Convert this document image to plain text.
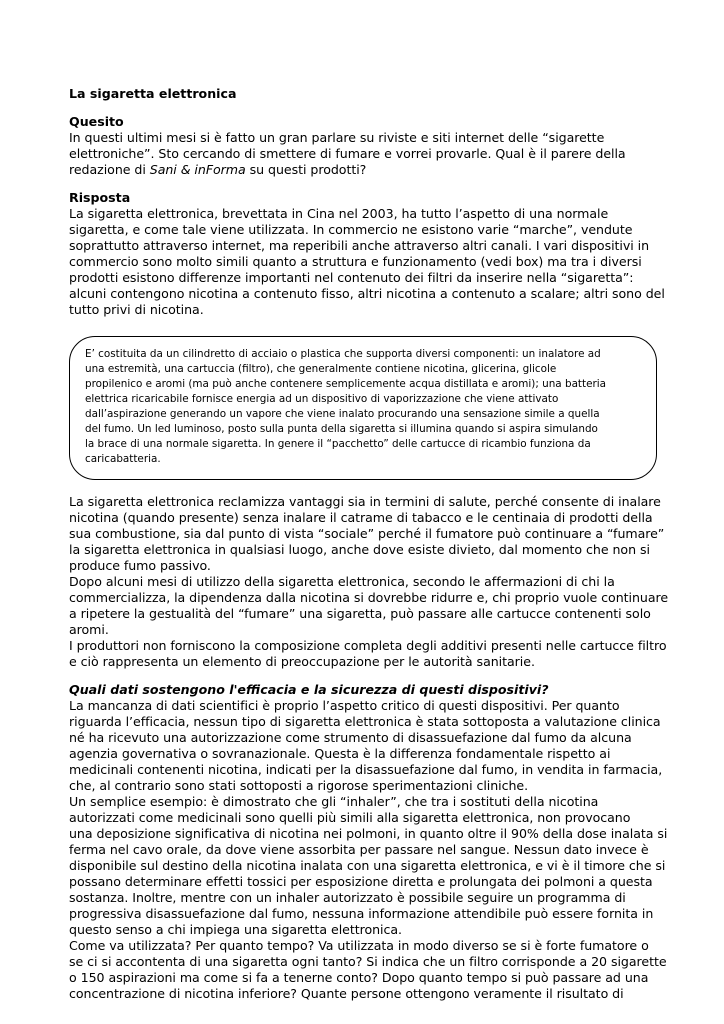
La sigaretta elettronica

Quesito

In questi ultimi mesi si è fatto un gran parlare su riviste e siti internet delle “sigarette
elettroniche”. Sto cercando di smettere di fumare e vorrei provarle. Qual è il parere della
redazione di Sani & inForma su questi prodotti?

Risposta

La sigaretta elettronica, brevettata in Cina nel 2003, ha tutto l’aspetto di una normale
sigaretta, e come tale viene utilizzata. In commercio ne esistono varie “marche”, vendute
soprattutto attraverso internet, ma reperibili anche attraverso altri canali. I vari dispositivi in
commercio sono molto simili quanto a struttura e funzionamento (vedi box) ma tra i diversi
prodotti esistono differenze importanti nel contenuto dei filtri da inserire nella “sigaretta”:
alcuni contengono nicotina a contenuto fisso, altri nicotina a contenuto a scalare; altri sono del
tutto privi di nicotina.

E’ costituita da un cilindretto di acciaio o plastica che supporta diversi componenti: un inalatore ad
una estremità, una cartuccia (filtro), che generalmente contiene nicotina, glicerina, glicole
propilenico e aromi (ma può anche contenere semplicemente acqua distillata e aromi); una batteria
elettrica ricaricabile fornisce energia ad un dispositivo di vaporizzazione che viene attivato
dall’aspirazione generando un vapore che viene inalato procurando una sensazione simile a quella
del fumo. Un led luminoso, posto sulla punta della sigaretta si illumina quando si aspira simulando
la brace di una normale sigaretta. In genere il “pacchetto” delle cartucce di ricambio funziona da
caricabatteria.

La sigaretta elettronica reclamizza vantaggi sia in termini di salute, perché consente di inalare
nicotina (quando presente) senza inalare il catrame di tabacco e le centinaia di prodotti della
sua combustione, sia dal punto di vista “sociale” perché il fumatore può continuare a “fumare”
la sigaretta elettronica in qualsiasi luogo, anche dove esiste divieto, dal momento che non si
produce fumo passivo.
Dopo alcuni mesi di utilizzo della sigaretta elettronica, secondo le affermazioni di chi la
commercializza, la dipendenza dalla nicotina si dovrebbe ridurre e, chi proprio vuole continuare
a ripetere la gestualità del “fumare” una sigaretta, può passare alle cartucce contenenti solo
aromi.
I produttori non forniscono la composizione completa degli additivi presenti nelle cartucce filtro
e ciò rappresenta un elemento di preoccupazione per le autorità sanitarie.

Quali dati sostengono l'efficacia e la sicurezza di questi dispositivi?

La mancanza di dati scientifici è proprio l’aspetto critico di questi dispositivi. Per quanto
riguarda l’efficacia, nessun tipo di sigaretta elettronica è stata sottoposta a valutazione clinica
né ha ricevuto una autorizzazione come strumento di disassuefazione dal fumo da alcuna
agenzia governativa o sovranazionale. Questa è la differenza fondamentale rispetto ai
medicinali contenenti nicotina, indicati per la disassuefazione dal fumo, in vendita in farmacia,
che, al contrario sono stati sottoposti a rigorose sperimentazioni cliniche.
Un semplice esempio: è dimostrato che gli “inhaler”, che tra i sostituti della nicotina
autorizzati come medicinali sono quelli più simili alla sigaretta elettronica, non provocano
una deposizione significativa di nicotina nei polmoni, in quanto oltre il 90% della dose inalata si
ferma nel cavo orale, da dove viene assorbita per passare nel sangue. Nessun dato invece è
disponibile sul destino della nicotina inalata con una sigaretta elettronica, e vi è il timore che si
possano determinare effetti tossici per esposizione diretta e prolungata dei polmoni a questa
sostanza. Inoltre, mentre con un inhaler autorizzato è possibile seguire un programma di
progressiva disassuefazione dal fumo, nessuna informazione attendibile può essere fornita in
questo senso a chi impiega una sigaretta elettronica.
Come va utilizzata? Per quanto tempo? Va utilizzata in modo diverso se si è forte fumatore o
se ci si accontenta di una sigaretta ogni tanto? Si indica che un filtro corrisponde a 20 sigarette
o 150 aspirazioni ma come si fa a tenerne conto? Dopo quanto tempo si può passare ad una
concentrazione di nicotina inferiore? Quante persone ottengono veramente il risultato di
